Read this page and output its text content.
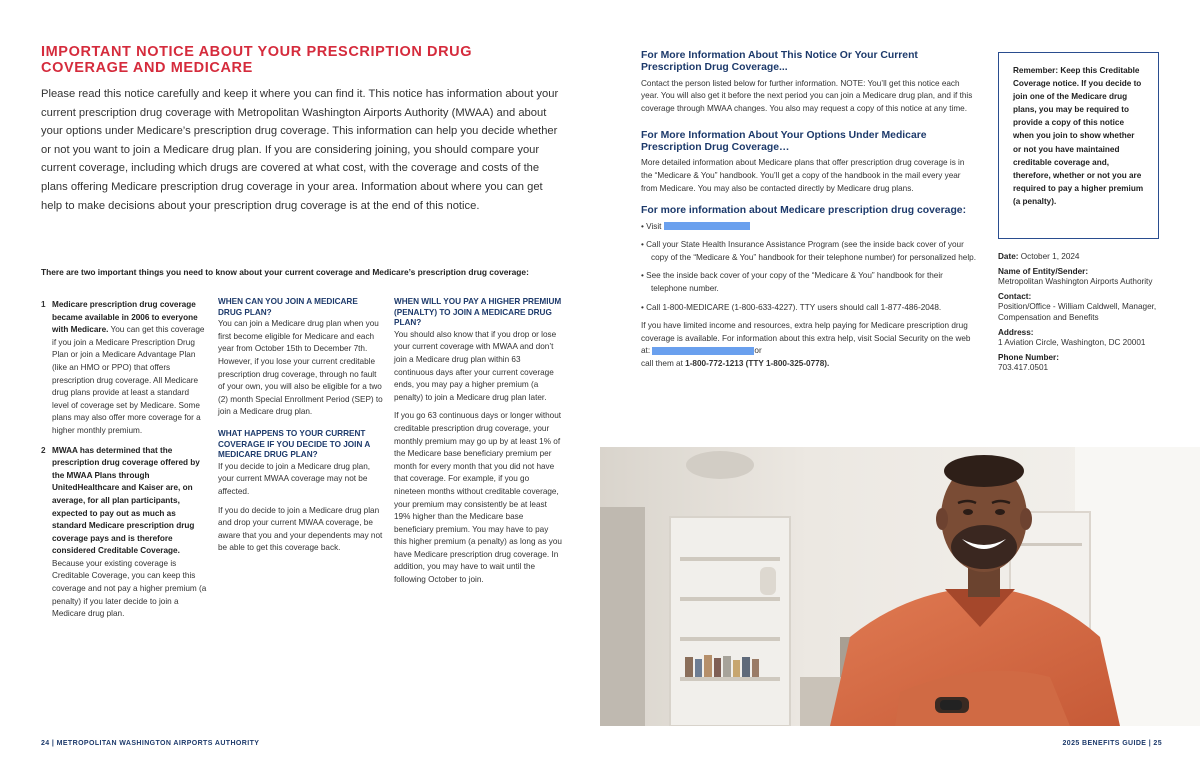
IMPORTANT NOTICE ABOUT YOUR PRESCRIPTION DRUG COVERAGE AND MEDICARE
Please read this notice carefully and keep it where you can find it. This notice has information about your current prescription drug coverage with Metropolitan Washington Airports Authority (MWAA) and about your options under Medicare’s prescription drug coverage. This information can help you decide whether or not you want to join a Medicare drug plan. If you are considering joining, you should compare your current coverage, including which drugs are covered at what cost, with the coverage and costs of the plans offering Medicare prescription drug coverage in your area. Information about where you can get help to make decisions about your prescription drug coverage is at the end of this notice.
There are two important things you need to know about your current coverage and Medicare’s prescription drug coverage:
1 Medicare prescription drug coverage became available in 2006 to everyone with Medicare. You can get this coverage if you join a Medicare Prescription Drug Plan or join a Medicare Advantage Plan (like an HMO or PPO) that offers prescription drug coverage. All Medicare drug plans provide at least a standard level of coverage set by Medicare. Some plans may also offer more coverage for a higher monthly premium.
2 MWAA has determined that the prescription drug coverage offered by the MWAA Plans through UnitedHealthcare and Kaiser are, on average, for all plan participants, expected to pay out as much as standard Medicare prescription drug coverage pays and is therefore considered Creditable Coverage. Because your existing coverage is Creditable Coverage, you can keep this coverage and not pay a higher premium (a penalty) if you later decide to join a Medicare drug plan.
WHEN CAN YOU JOIN A MEDICARE DRUG PLAN?

You can join a Medicare drug plan when you first become eligible for Medicare and each year from October 15th to December 7th. However, if you lose your current creditable prescription drug coverage, through no fault of your own, you will also be eligible for a two (2) month Special Enrollment Period (SEP) to join a Medicare drug plan.

WHAT HAPPENS TO YOUR CURRENT COVERAGE IF YOU DECIDE TO JOIN A MEDICARE DRUG PLAN?

If you decide to join a Medicare drug plan, your current MWAA coverage may not be affected.

If you do decide to join a Medicare drug plan and drop your current MWAA coverage, be aware that you and your dependents may not be able to get this coverage back.

WHEN WILL YOU PAY A HIGHER PREMIUM (PENALTY) TO JOIN A MEDICARE DRUG PLAN?

You should also know that if you drop or lose your current coverage with MWAA and don’t join a Medicare drug plan within 63 continuous days after your current coverage ends, you may pay a higher premium (a penalty) to join a Medicare drug plan later.

If you go 63 continuous days or longer without creditable prescription drug coverage, your monthly premium may go up by at least 1% of the Medicare base beneficiary premium per month for every month that you did not have that coverage. For example, if you go nineteen months without creditable coverage, your premium may consistently be at least 19% higher than the Medicare base beneficiary premium. You may have to pay this higher premium (a penalty) as long as you have Medicare prescription drug coverage. In addition, you may have to wait until the following October to join.

For More Information About This Notice Or Your Current Prescription Drug Coverage...
Contact the person listed below for further information. NOTE: You’ll get this notice each year. You will also get it before the next period you can join a Medicare drug plan, and if this coverage through MWAA changes. You also may request a copy of this notice at any time.
For More Information About Your Options Under Medicare Prescription Drug Coverage…
More detailed information about Medicare plans that offer prescription drug coverage is in the “Medicare & You” handbook. You’ll get a copy of the handbook in the mail every year from Medicare. You may also be contacted directly by Medicare drug plans.
For more information about Medicare prescription drug coverage:
• Visit
• Call your State Health Insurance Assistance Program (see the inside back cover of your copy of the “Medicare & You” handbook for their telephone number) for personalized help.
• See the inside back cover of your copy of the “Medicare & You” handbook for their telephone number.
• Call 1-800-MEDICARE (1-800-633-4227). TTY users should call 1-877-486-2048.
If you have limited income and resources, extra help paying for Medicare prescription drug coverage is available. For information about this extra help, visit Social Security on the web at:	or
call them at 1-800-772-1213 (TTY 1-800-325-0778).
Remember: Keep this Creditable Coverage notice. If you decide to join one of the Medicare drug plans, you may be required to provide a copy of this notice when you join to show whether or not you have maintained creditable coverage and, therefore, whether or not you are required to pay a higher premium (a penalty).
Date: October 1, 2024
Name of Entity/Sender:
Metropolitan Washington Airports Authority
Contact:
Position/Office - William Caldwell, Manager, Compensation and Benefits
Address:
1 Aviation Circle, Washington, DC 20001
Phone Number:
703.417.0501
24 | METROPOLITAN WASHINGTON AIRPORTS AUTHORITY	2025 BENEFITS GUIDE | 25
